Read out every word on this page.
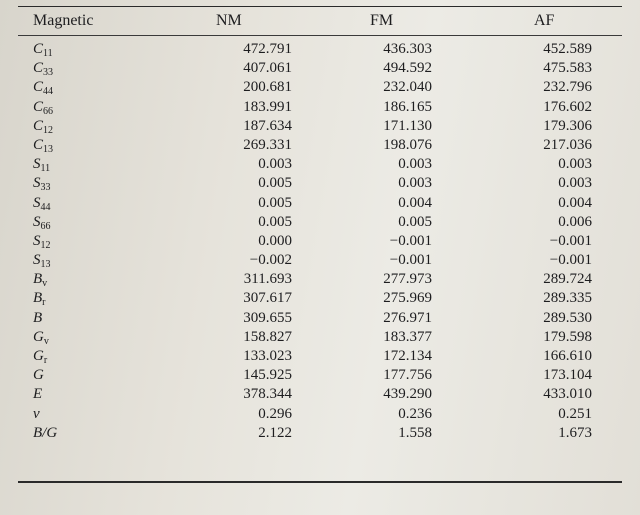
Magnetic	NM	FM	AF
$C_{11}$	472.791	436.303	452.589
$C_{33}$	407.061	494.592	475.583
$C_{44}$	200.681	232.040	232.796
$C_{66}$	183.991	186.165	176.602
$C_{12}$	187.634	171.130	179.306
$C_{13}$	269.331	198.076	217.036
$S_{11}$	0.003	0.003	0.003
$S_{33}$	0.005	0.003	0.003
$S_{44}$	0.005	0.004	0.004
$S_{66}$	0.005	0.005	0.006
$S_{12}$	0.000	−0.001	−0.001
$S_{13}$	−0.002	−0.001	−0.001
$B_v$	311.693	277.973	289.724
$B_r$	307.617	275.969	289.335
B	309.655	276.971	289.530
$G_v$	158.827	183.377	179.598
$G_r$	133.023	172.134	166.610
G	145.925	177.756	173.104
E	378.344	439.290	433.010
v	0.296	0.236	0.251
B/G	2.122	1.558	1.673
